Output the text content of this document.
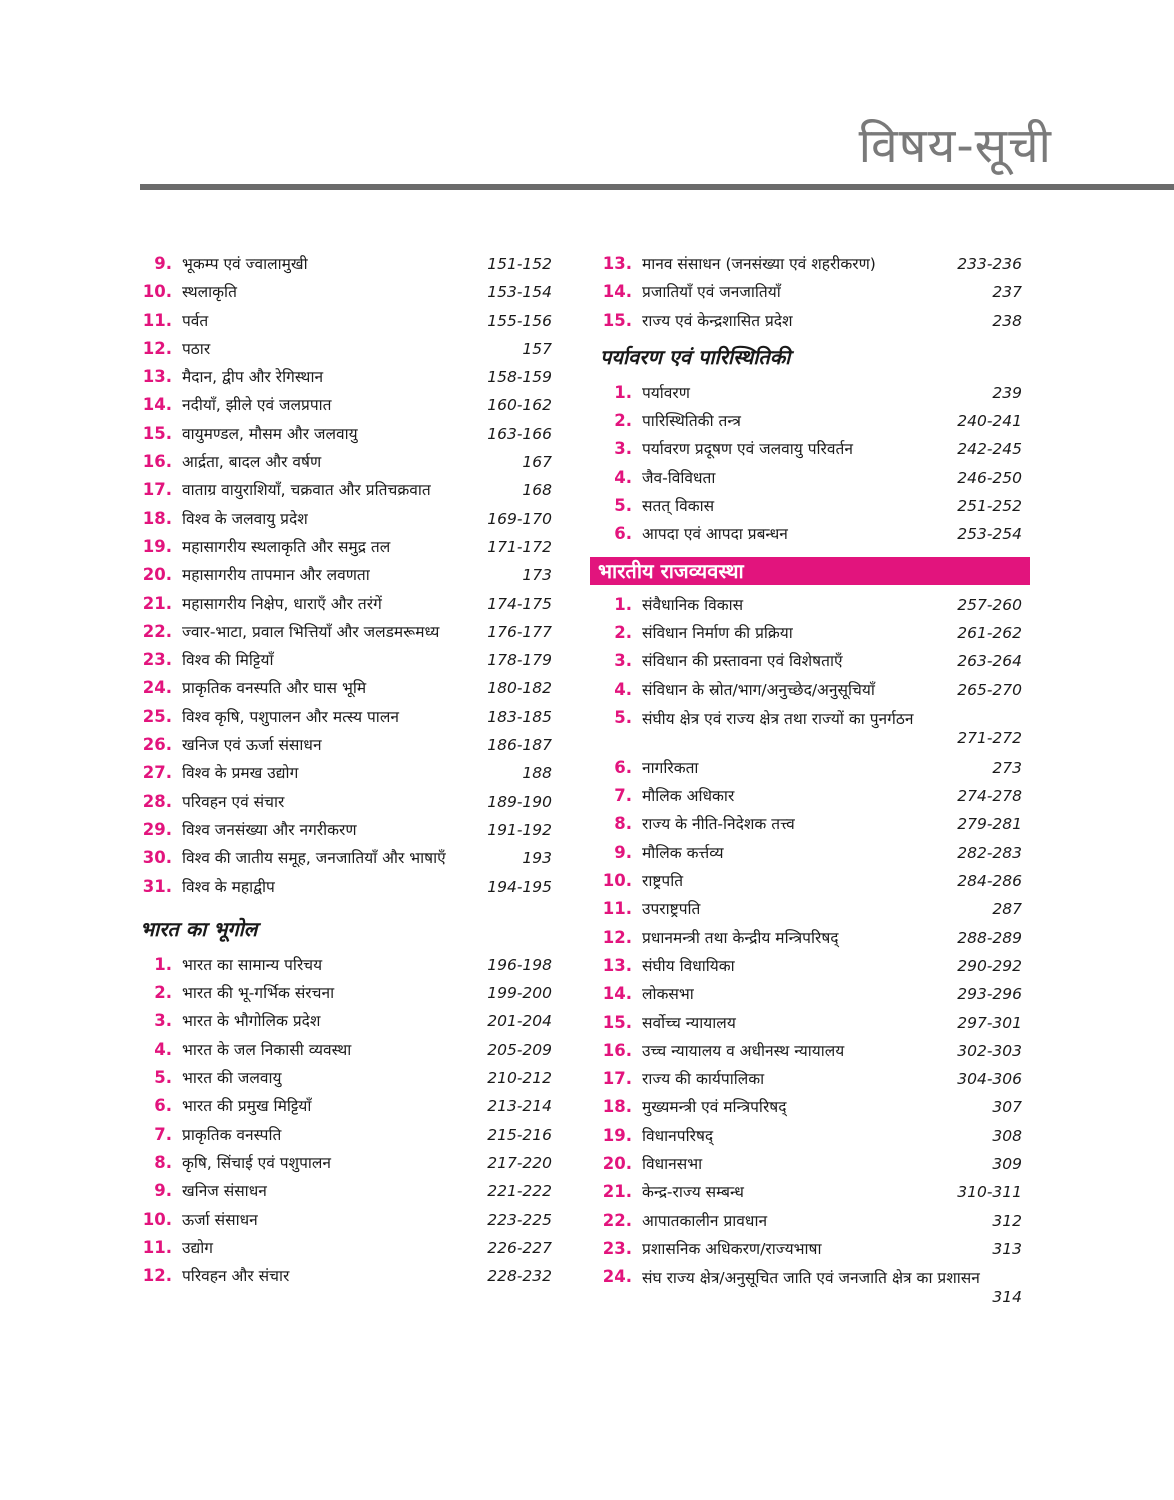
विषय-सूची
9. भूकम्प एवं ज्वालामुखी	151-152
10. स्थलाकृति	153-154
11. पर्वत	155-156
12. पठार	157
13. मैदान, द्वीप और रेगिस्थान	158-159
14. नदीयाँ, झीले एवं जलप्रपात	160-162
15. वायुमण्डल, मौसम और जलवायु	163-166
16. आर्द्रता, बादल और वर्षण	167
17. वाताग्र वायुराशियाँ, चक्रवात और प्रतिचक्रवात	168
18. विश्व के जलवायु प्रदेश	169-170
19. महासागरीय स्थलाकृति और समुद्र तल	171-172
20. महासागरीय तापमान और लवणता	173
21. महासागरीय निक्षेप, धाराएँ और तरंगें	174-175
22. ज्वार-भाटा, प्रवाल भित्तियाँ और जलडमरूमध्य	176-177
23. विश्व की मिट्टियाँ	178-179
24. प्राकृतिक वनस्पति और घास भूमि	180-182
25. विश्व कृषि, पशुपालन और मत्स्य पालन	183-185
26. खनिज एवं ऊर्जा संसाधन	186-187
27. विश्व के प्रमख उद्योग	188
28. परिवहन एवं संचार	189-190
29. विश्व जनसंख्या और नगरीकरण	191-192
30. विश्व की जातीय समूह, जनजातियाँ और भाषाएँ	193
31. विश्व के महाद्वीप	194-195
भारत का भूगोल
1. भारत का सामान्य परिचय	196-198
2. भारत की भू-गर्भिक संरचना	199-200
3. भारत के भौगोलिक प्रदेश	201-204
4. भारत के जल निकासी व्यवस्था	205-209
5. भारत की जलवायु	210-212
6. भारत की प्रमुख मिट्टियाँ	213-214
7. प्राकृतिक वनस्पति	215-216
8. कृषि, सिंचाई एवं पशुपालन	217-220
9. खनिज संसाधन	221-222
10. ऊर्जा संसाधन	223-225
11. उद्योग	226-227
12. परिवहन और संचार	228-232
13. मानव संसाधन (जनसंख्या एवं शहरीकरण)	233-236
14. प्रजातियाँ एवं जनजातियाँ	237
15. राज्य एवं केन्द्रशासित प्रदेश	238
पर्यावरण एवं पारिस्थितिकी
1. पर्यावरण	239
2. पारिस्थितिकी तन्त्र	240-241
3. पर्यावरण प्रदूषण एवं जलवायु परिवर्तन	242-245
4. जैव-विविधता	246-250
5. सतत् विकास	251-252
6. आपदा एवं आपदा प्रबन्धन	253-254
भारतीय राजव्यवस्था
1. संवैधानिक विकास	257-260
2. संविधान निर्माण की प्रक्रिया	261-262
3. संविधान की प्रस्तावना एवं विशेषताएँ	263-264
4. संविधान के स्रोत/भाग/अनुच्छेद/अनुसूचियाँ	265-270
5. संघीय क्षेत्र एवं राज्य क्षेत्र तथा राज्यों का पुनर्गठन
271-272
6. नागरिकता	273
7. मौलिक अधिकार	274-278
8. राज्य के नीति-निदेशक तत्त्व	279-281
9. मौलिक कर्त्तव्य	282-283
10. राष्ट्रपति	284-286
11. उपराष्ट्रपति	287
12. प्रधानमन्त्री तथा केन्द्रीय मन्त्रिपरिषद्	288-289
13. संघीय विधायिका	290-292
14. लोकसभा	293-296
15. सर्वोच्च न्यायालय	297-301
16. उच्च न्यायालय व अधीनस्थ न्यायालय	302-303
17. राज्य की कार्यपालिका	304-306
18. मुख्यमन्त्री एवं मन्त्रिपरिषद्	307
19. विधानपरिषद्	308
20. विधानसभा	309
21. केन्द्र-राज्य सम्बन्ध	310-311
22. आपातकालीन प्रावधान	312
23. प्रशासनिक अधिकरण/राज्यभाषा	313
24. संघ राज्य क्षेत्र/अनुसूचित जाति एवं जनजाति क्षेत्र का प्रशासन
314
